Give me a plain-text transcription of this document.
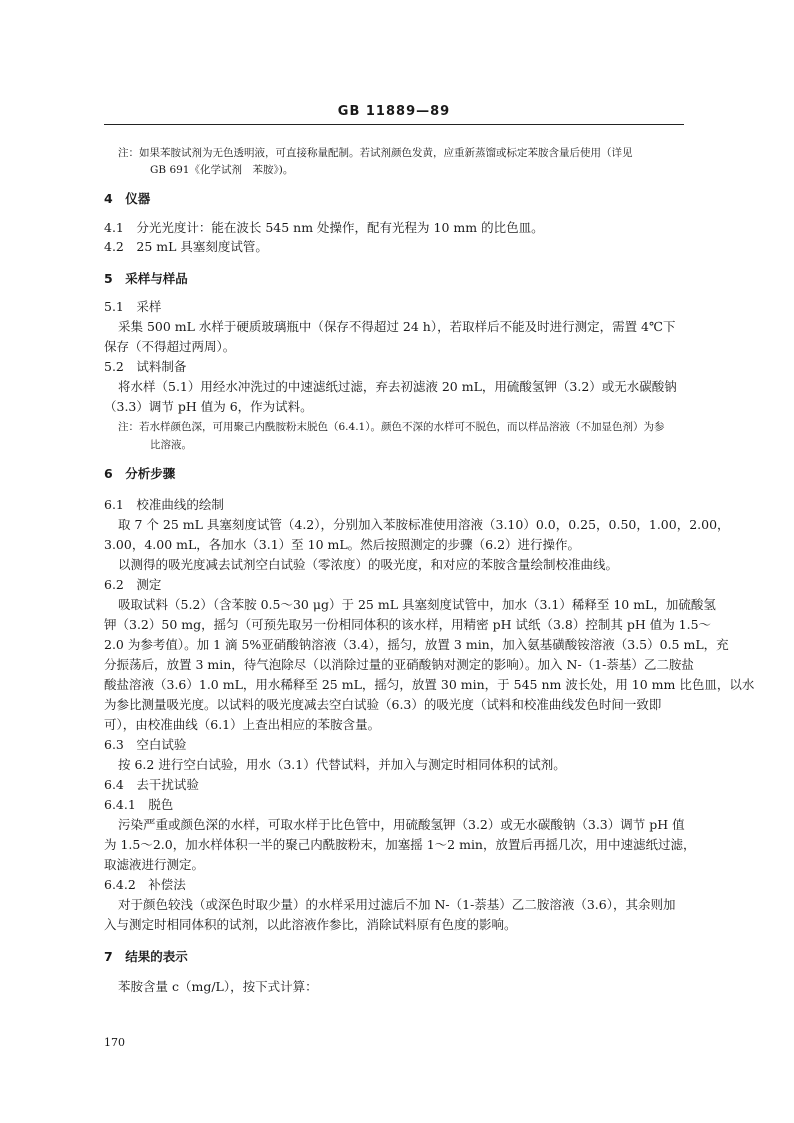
GB 11889—89
注：如果苯胺试剂为无色透明液，可直接称量配制。若试剂颜色发黄，应重新蒸馏或标定苯胺含量后使用（详见
GB 691《化学试剂　苯胺》)。
4　仪器
4.1　分光光度计：能在波长 545 nm 处操作，配有光程为 10 mm 的比色皿。
4.2　25 mL 具塞刻度试管。
5　采样与样品
5.1　采样
采集 500 mL 水样于硬质玻璃瓶中（保存不得超过 24 h），若取样后不能及时进行测定，需置 4℃下
保存（不得超过两周）。
5.2　试料制备
将水样（5.1）用经水冲洗过的中速滤纸过滤，弃去初滤液 20 mL，用硫酸氢钾（3.2）或无水碳酸钠
（3.3）调节 pH 值为 6，作为试料。
注：若水样颜色深，可用聚己内酰胺粉末脱色（6.4.1）。颜色不深的水样可不脱色，而以样品溶液（不加显色剂）为参
比溶液。
6　分析步骤
6.1　校准曲线的绘制
取 7 个 25 mL 具塞刻度试管（4.2），分别加入苯胺标准使用溶液（3.10）0.0，0.25，0.50，1.00，2.00，
3.00，4.00 mL，各加水（3.1）至 10 mL。然后按照测定的步骤（6.2）进行操作。
以测得的吸光度减去试剂空白试验（零浓度）的吸光度，和对应的苯胺含量绘制校准曲线。
6.2　测定
吸取试料（5.2）（含苯胺 0.5～30 μg）于 25 mL 具塞刻度试管中，加水（3.1）稀释至 10 mL，加硫酸氢
钾（3.2）50 mg，摇匀（可预先取另一份相同体积的该水样，用精密 pH 试纸（3.8）控制其 pH 值为 1.5～
2.0 为参考值）。加 1 滴 5%亚硝酸钠溶液（3.4），摇匀，放置 3 min，加入氨基磺酸铵溶液（3.5）0.5 mL，充
分振荡后，放置 3 min，待气泡除尽（以消除过量的亚硝酸钠对测定的影响）。加入 N-（1-萘基）乙二胺盐
酸盐溶液（3.6）1.0 mL，用水稀释至 25 mL，摇匀，放置 30 min，于 545 nm 波长处，用 10 mm 比色皿，以水
为参比测量吸光度。以试料的吸光度减去空白试验（6.3）的吸光度（试料和校准曲线发色时间一致即
可），由校准曲线（6.1）上查出相应的苯胺含量。
6.3　空白试验
按 6.2 进行空白试验，用水（3.1）代替试料，并加入与测定时相同体积的试剂。
6.4　去干扰试验
6.4.1　脱色
污染严重或颜色深的水样，可取水样于比色管中，用硫酸氢钾（3.2）或无水碳酸钠（3.3）调节 pH 值
为 1.5～2.0，加水样体积一半的聚己内酰胺粉末，加塞摇 1～2 min，放置后再摇几次，用中速滤纸过滤，
取滤液进行测定。
6.4.2　补偿法
对于颜色较浅（或深色时取少量）的水样采用过滤后不加 N-（1-萘基）乙二胺溶液（3.6），其余则加
入与测定时相同体积的试剂，以此溶液作参比，消除试料原有色度的影响。
7　结果的表示
苯胺含量 c（mg/L），按下式计算：
170
